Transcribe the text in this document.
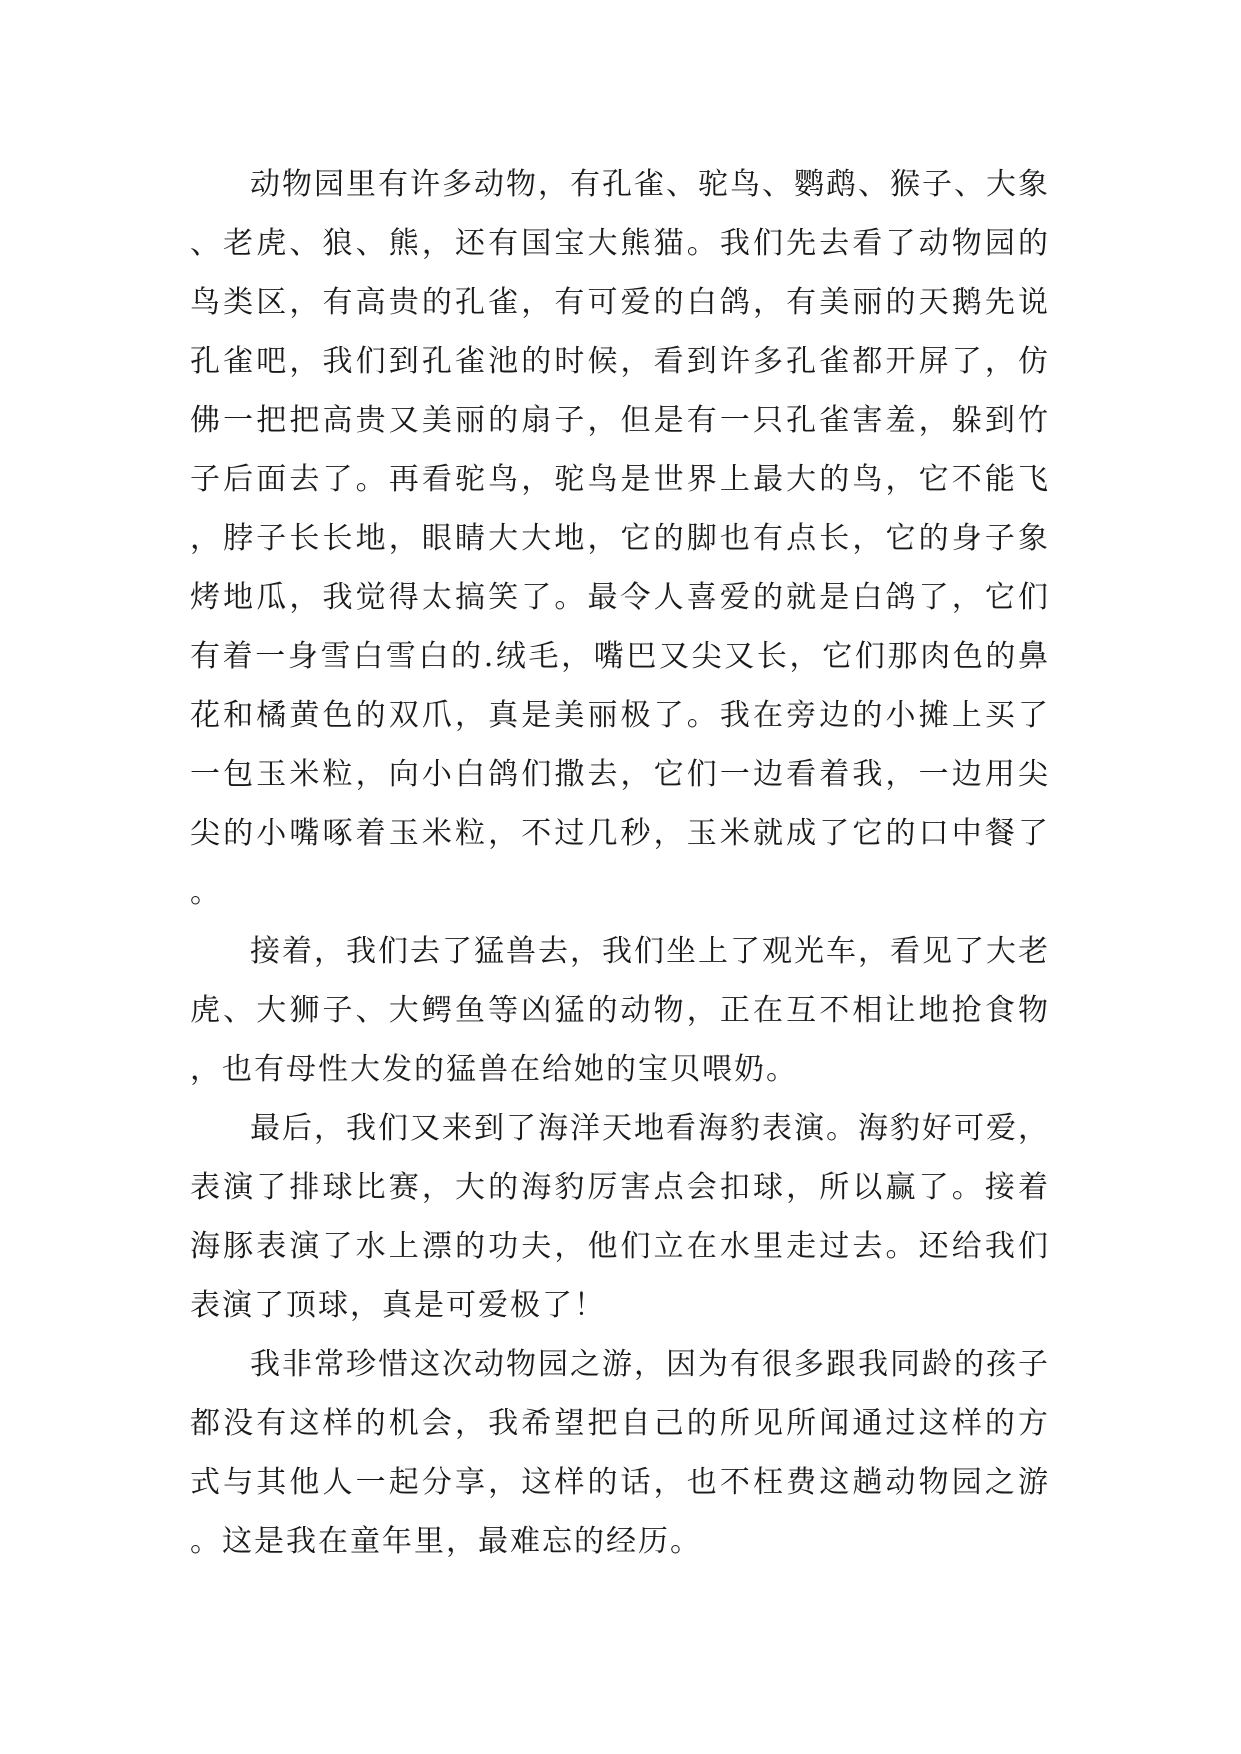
动物园里有许多动物，有孔雀、驼鸟、鹦鹉、猴子、大象、老虎、狼、熊，还有国宝大熊猫。我们先去看了动物园的鸟类区，有高贵的孔雀，有可爱的白鸽，有美丽的天鹅先说孔雀吧，我们到孔雀池的时候，看到许多孔雀都开屏了，仿佛一把把高贵又美丽的扇子，但是有一只孔雀害羞，躲到竹子后面去了。再看驼鸟，驼鸟是世界上最大的鸟，它不能飞，脖子长长地，眼睛大大地，它的脚也有点长，它的身子象烤地瓜，我觉得太搞笑了。最令人喜爱的就是白鸽了，它们有着一身雪白雪白的.绒毛，嘴巴又尖又长，它们那肉色的鼻花和橘黄色的双爪，真是美丽极了。我在旁边的小摊上买了一包玉米粒，向小白鸽们撒去，它们一边看着我，一边用尖尖的小嘴啄着玉米粒，不过几秒，玉米就成了它的口中餐了。

接着，我们去了猛兽去，我们坐上了观光车，看见了大老虎、大狮子、大鳄鱼等凶猛的动物，正在互不相让地抢食物，也有母性大发的猛兽在给她的宝贝喂奶。

最后，我们又来到了海洋天地看海豹表演。海豹好可爱，表演了排球比赛，大的海豹厉害点会扣球，所以赢了。接着海豚表演了水上漂的功夫，他们立在水里走过去。还给我们表演了顶球，真是可爱极了！

我非常珍惜这次动物园之游，因为有很多跟我同龄的孩子都没有这样的机会，我希望把自己的所见所闻通过这样的方式与其他人一起分享，这样的话，也不枉费这趟动物园之游。这是我在童年里，最难忘的经历。
